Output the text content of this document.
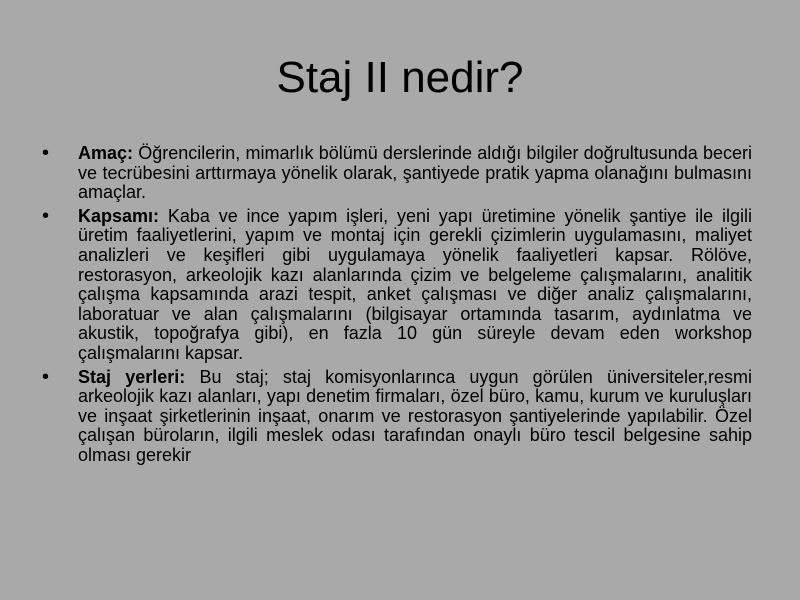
Staj II nedir?
•	Amaç: Öğrencilerin, mimarlık bölümü derslerinde aldığı bilgiler doğrultusunda beceri ve tecrübesini arttırmaya yönelik olarak, şantiyede pratik yapma olanağını bulmasını amaçlar.
•	Kapsamı: Kaba ve ince yapım işleri, yeni yapı üretimine yönelik şantiye ile ilgili üretim faaliyetlerini, yapım ve montaj için gerekli çizimlerin uygulamasını, maliyet analizleri ve keşifleri gibi uygulamaya yönelik faaliyetleri kapsar. Rölöve, restorasyon, arkeolojik kazı alanlarında çizim ve belgeleme çalışmalarını, analitik çalışma kapsamında arazi tespit, anket çalışması ve diğer analiz çalışmalarını, laboratuar ve alan çalışmalarını (bilgisayar ortamında tasarım, aydınlatma ve akustik, topoğrafya gibi), en fazla 10 gün süreyle devam eden workshop çalışmalarını kapsar.
•	Staj yerleri: Bu staj; staj komisyonlarınca uygun görülen üniversiteler,resmi arkeolojik kazı alanları, yapı denetim firmaları, özel büro, kamu, kurum ve kuruluşları ve inşaat şirketlerinin inşaat, onarım ve restorasyon şantiyelerinde yapılabilir. Özel çalışan büroların, ilgili meslek odası tarafından onaylı büro tescil belgesine sahip olması gerekir
